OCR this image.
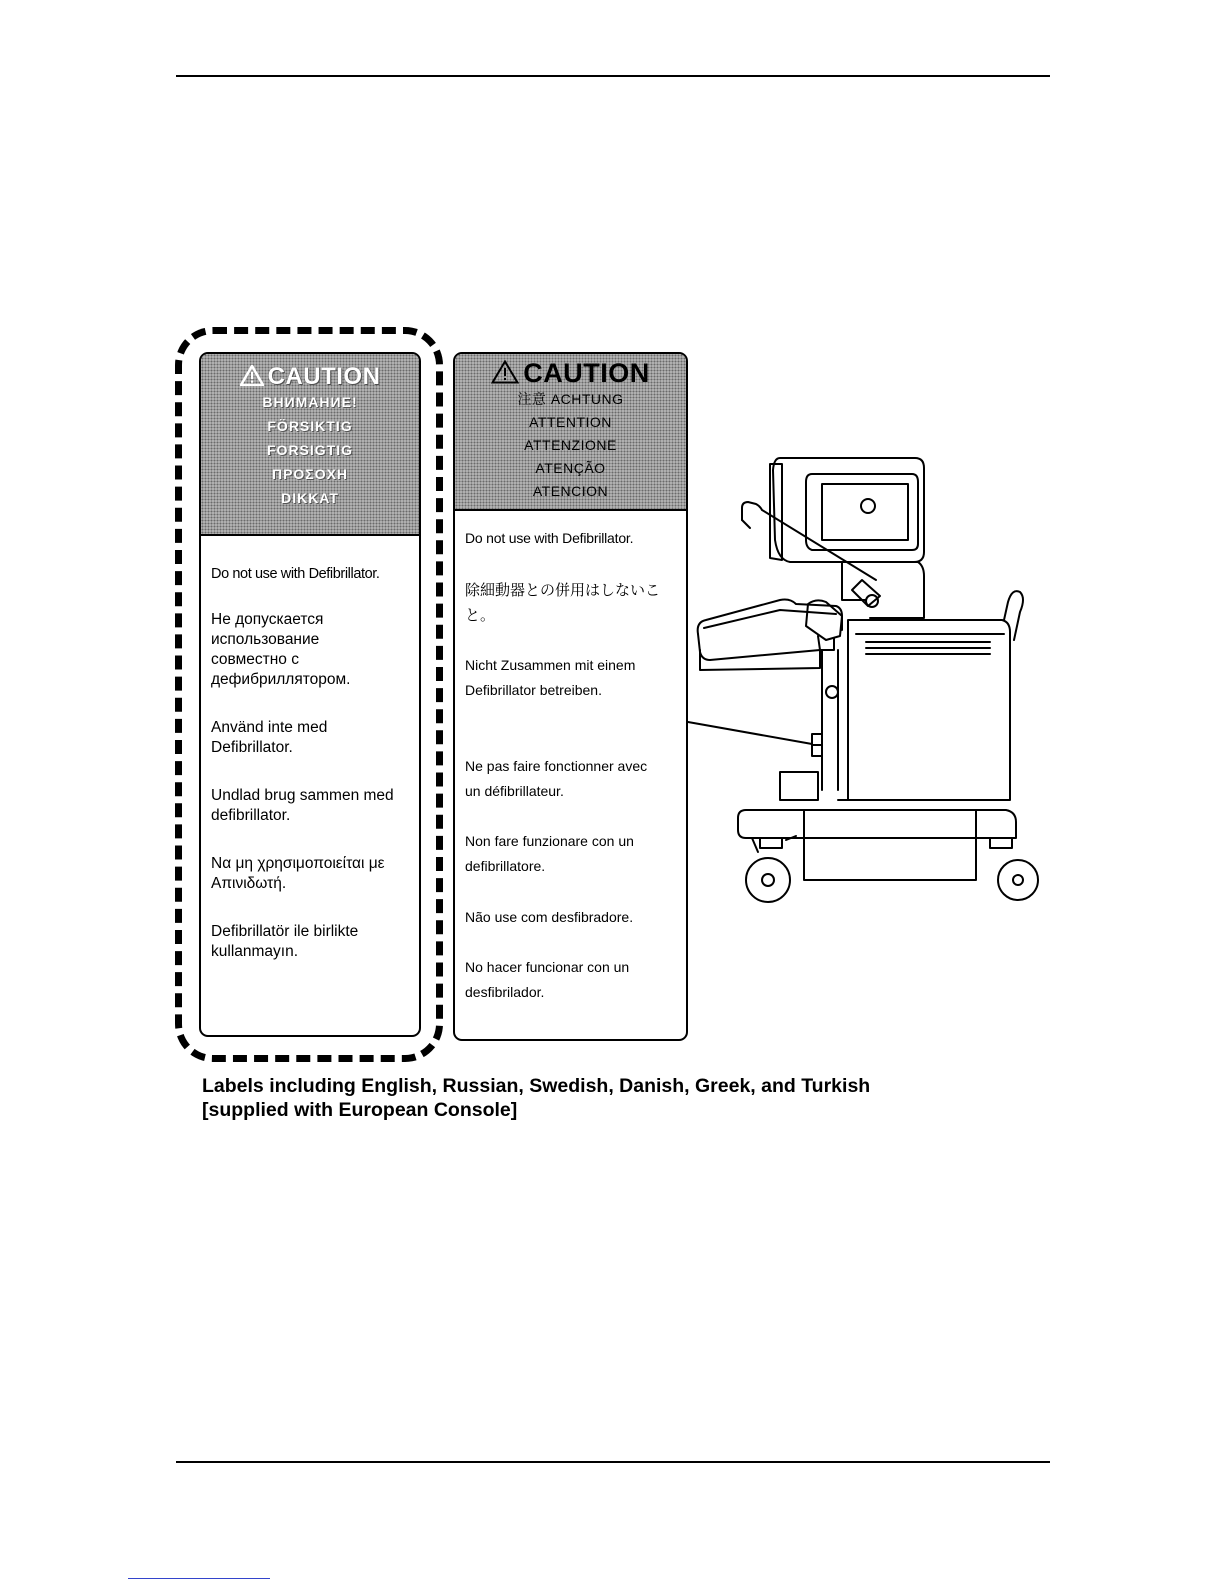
CAUTION
ВНИМАНИЕ!
FÖRSIKTIG
FORSIGTIG
ΠΡΟΣΟΧΗ
DIKKAT
Do not use with Defibrillator.
Не допускается использование совместно с дефибриллятором.
Använd inte med Defibrillator.
Undlad brug sammen med defibrillator.
Να μη χρησιμοποιείται με Απινιδωτή.
Defibrillatör ile birlikte kullanmayın.
CAUTION
注意 ACHTUNG
ATTENTION
ATTENZIONE
ATENÇÃO
ATENCION
Do not use with Defibrillator.
除細動器との併用はしないこと。
Nicht Zusammen mit einem Defibrillator betreiben.
Ne pas faire fonctionner avec un défibrillateur.
Non fare funzionare con un defibrillatore.
Não use com desfibradore.
No hacer funcionar con un desfibrilador.
Labels including English, Russian, Swedish, Danish, Greek, and Turkish
[supplied with European Console]
